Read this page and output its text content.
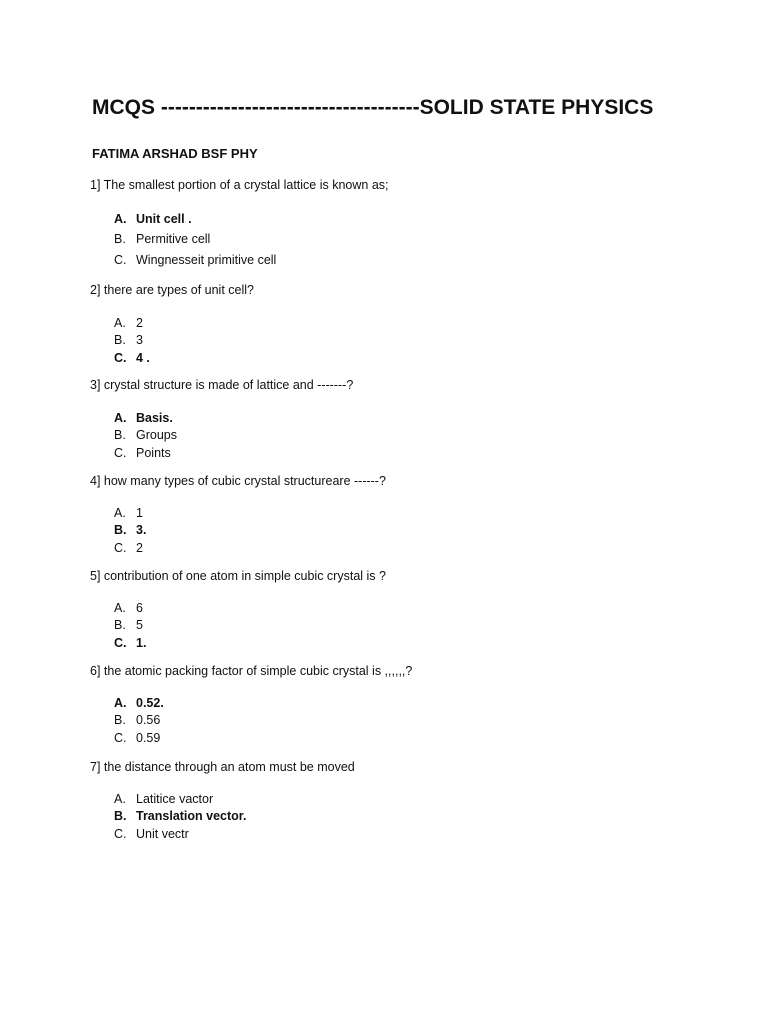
MCQS -------------------------------------SOLID STATE PHYSICS
FATIMA ARSHAD BSF PHY
1] The smallest portion of a crystal lattice is known as;
A. Unit cell .
B. Permitive cell
C. Wingnesseit primitive cell
2] there are types of unit cell?
A. 2
B. 3
C. 4 .
3] crystal structure is made of lattice and -------?
A. Basis.
B. Groups
C. Points
4] how many types of cubic crystal structureare ------?
A. 1
B. 3.
C. 2
5] contribution of one atom in simple cubic crystal is ?
A. 6
B. 5
C. 1.
6] the atomic packing factor of simple cubic crystal is ,,,,,,?
A. 0.52.
B. 0.56
C. 0.59
7] the distance through an atom must be moved
A. Latitice vactor
B. Translation vector.
C. Unit vectr
